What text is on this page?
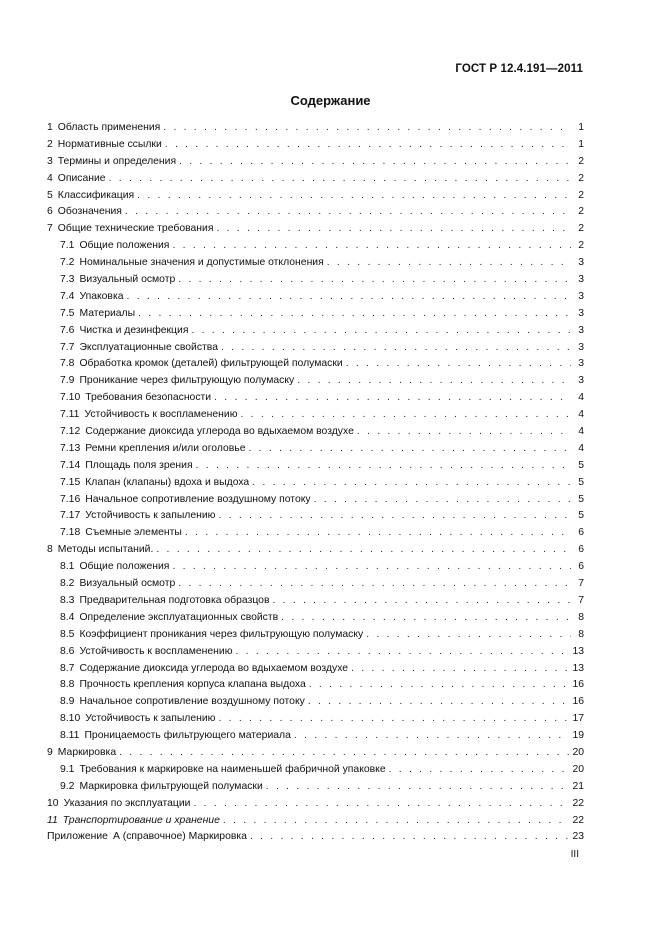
ГОСТ Р 12.4.191—2011
Содержание
1 Область применения . . .	1
2 Нормативные ссылки . . .	1
3 Термины и определения . . .	2
4 Описание . . .	2
5 Классификация . . .	2
6 Обозначения . . .	2
7 Общие технические требования . . .	2
7.1 Общие положения . . .	2
7.2 Номинальные значения и допустимые отклонения . . .	3
7.3 Визуальный осмотр . . .	3
7.4 Упаковка . . .	3
7.5 Материалы . . .	3
7.6 Чистка и дезинфекция . . .	3
7.7 Эксплуатационные свойства . . .	3
7.8 Обработка кромок (деталей) фильтрующей полумаски . . .	3
7.9 Проникание через фильтрующую полумаску . . .	3
7.10 Требования безопасности . . .	4
7.11 Устойчивость к воспламенению . . .	4
7.12 Содержание диоксида углерода во вдыхаемом воздухе . . .	4
7.13 Ремни крепления и/или оголовье . . .	4
7.14 Площадь поля зрения . . .	5
7.15 Клапан (клапаны) вдоха и выдоха . . .	5
7.16 Начальное сопротивление воздушному потоку . . .	5
7.17 Устойчивость к запылению . . .	5
7.18 Съемные элементы . . .	6
8 Методы испытаний. . . .	6
8.1 Общие положения . . .	6
8.2 Визуальный осмотр . . .	7
8.3 Предварительная подготовка образцов . . .	7
8.4 Определение эксплуатационных свойств . . .	8
8.5 Коэффициент проникания через фильтрующую полумаску . . .	8
8.6 Устойчивость к воспламенению . . .	13
8.7 Содержание диоксида углерода во вдыхаемом воздухе . . .	13
8.8 Прочность крепления корпуса клапана выдоха . . .	16
8.9 Начальное сопротивление воздушному потоку . . .	16
8.10 Устойчивость к запылению . . .	17
8.11 Проницаемость фильтрующего материала . . .	19
9 Маркировка . . .	20
9.1 Требования к маркировке на наименьшей фабричной упаковке . . .	20
9.2 Маркировка фильтрующей полумаски . . .	21
10 Указания по эксплуатации . . .	22
11 Транспортирование и хранение . . .	22
Приложение А (справочное) Маркировка . . .	23
III
